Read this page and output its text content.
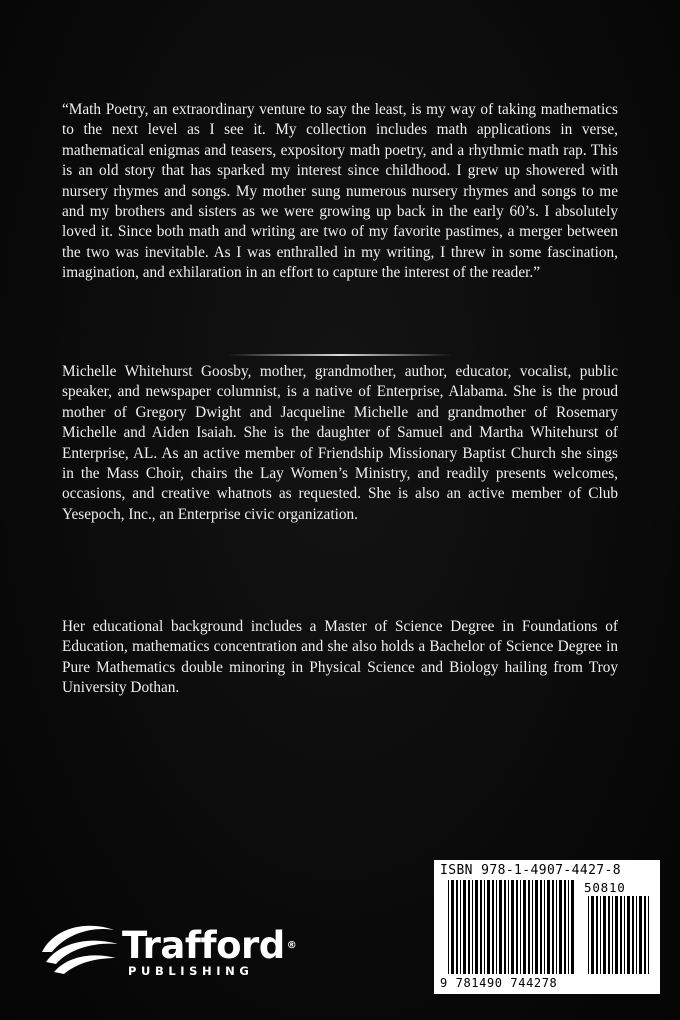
“Math Poetry, an extraordinary venture to say the least, is my way of taking mathematics to the next level as I see it. My collection includes math applications in verse, mathematical enigmas and teasers, expository math poetry, and a rhythmic math rap. This is an old story that has sparked my interest since childhood. I grew up showered with nursery rhymes and songs. My mother sung numerous nursery rhymes and songs to me and my brothers and sisters as we were growing up back in the early 60’s. I absolutely loved it. Since both math and writing are two of my favorite pastimes, a merger between the two was inevitable. As I was enthralled in my writing, I threw in some fascination, imagination, and exhilaration in an effort to capture the interest of the reader.”

Michelle Whitehurst Goosby, mother, grandmother, author, educator, vocalist, public speaker, and newspaper columnist, is a native of Enterprise, Alabama. She is the proud mother of Gregory Dwight and Jacqueline Michelle and grandmother of Rosemary Michelle and Aiden Isaiah. She is the daughter of Samuel and Martha Whitehurst of Enterprise, AL. As an active member of Friendship Missionary Baptist Church she sings in the Mass Choir, chairs the Lay Women’s Ministry, and readily presents welcomes, occasions, and creative whatnots as requested. She is also an active member of Club Yesepoch, Inc., an Enterprise civic organization.

Her educational background includes a Master of Science Degree in Foundations of Education, mathematics concentration and she also holds a Bachelor of Science Degree in Pure Mathematics double minoring in Physical Science and Biology hailing from Troy University Dothan.

Trafford ®
PUBLISHING
ISBN 978-1-4907-4427-8
50810
9 781490 744278
